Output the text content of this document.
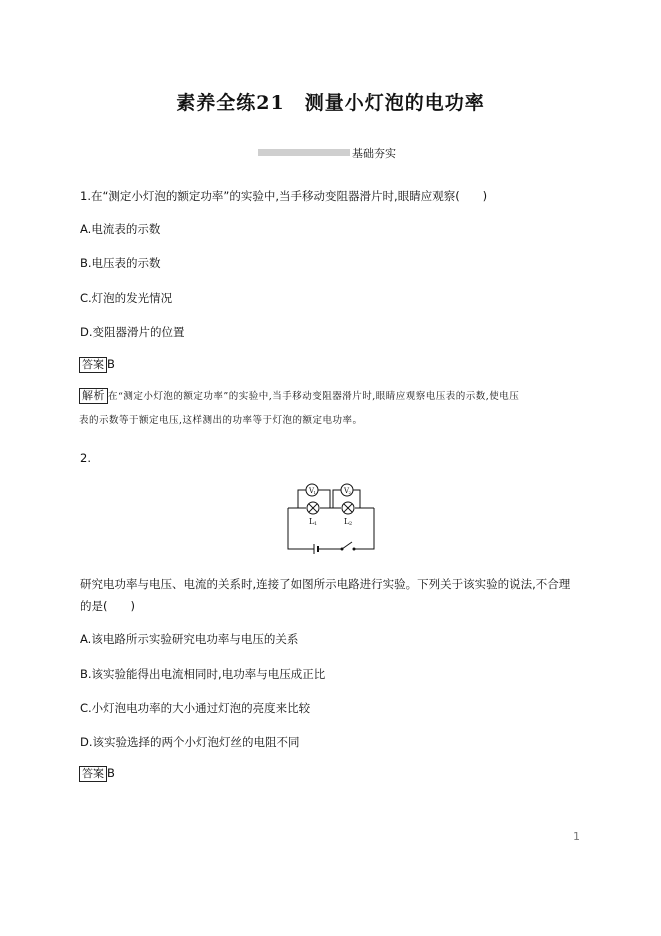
素养全练21　测量小灯泡的电功率
基础夯实
1.在“测定小灯泡的额定功率”的实验中,当手移动变阻器滑片时,眼睛应观察(　　)
A.电流表的示数
B.电压表的示数
C.灯泡的发光情况
D.变阻器滑片的位置
答案 B
解析 在“测定小灯泡的额定功率”的实验中,当手移动变阻器滑片时,眼睛应观察电压表的示数,使电压
表的示数等于额定电压,这样测出的功率等于灯泡的额定电功率。
2.
V 1	V 2
L 1	L 2
研究电功率与电压、电流的关系时,连接了如图所示电路进行实验。下列关于该实验的说法,不合理
的是(　　)
A.该电路所示实验研究电功率与电压的关系
B.该实验能得出电流相同时,电功率与电压成正比
C.小灯泡电功率的大小通过灯泡的亮度来比较
D.该实验选择的两个小灯泡灯丝的电阻不同
答案 B
1
